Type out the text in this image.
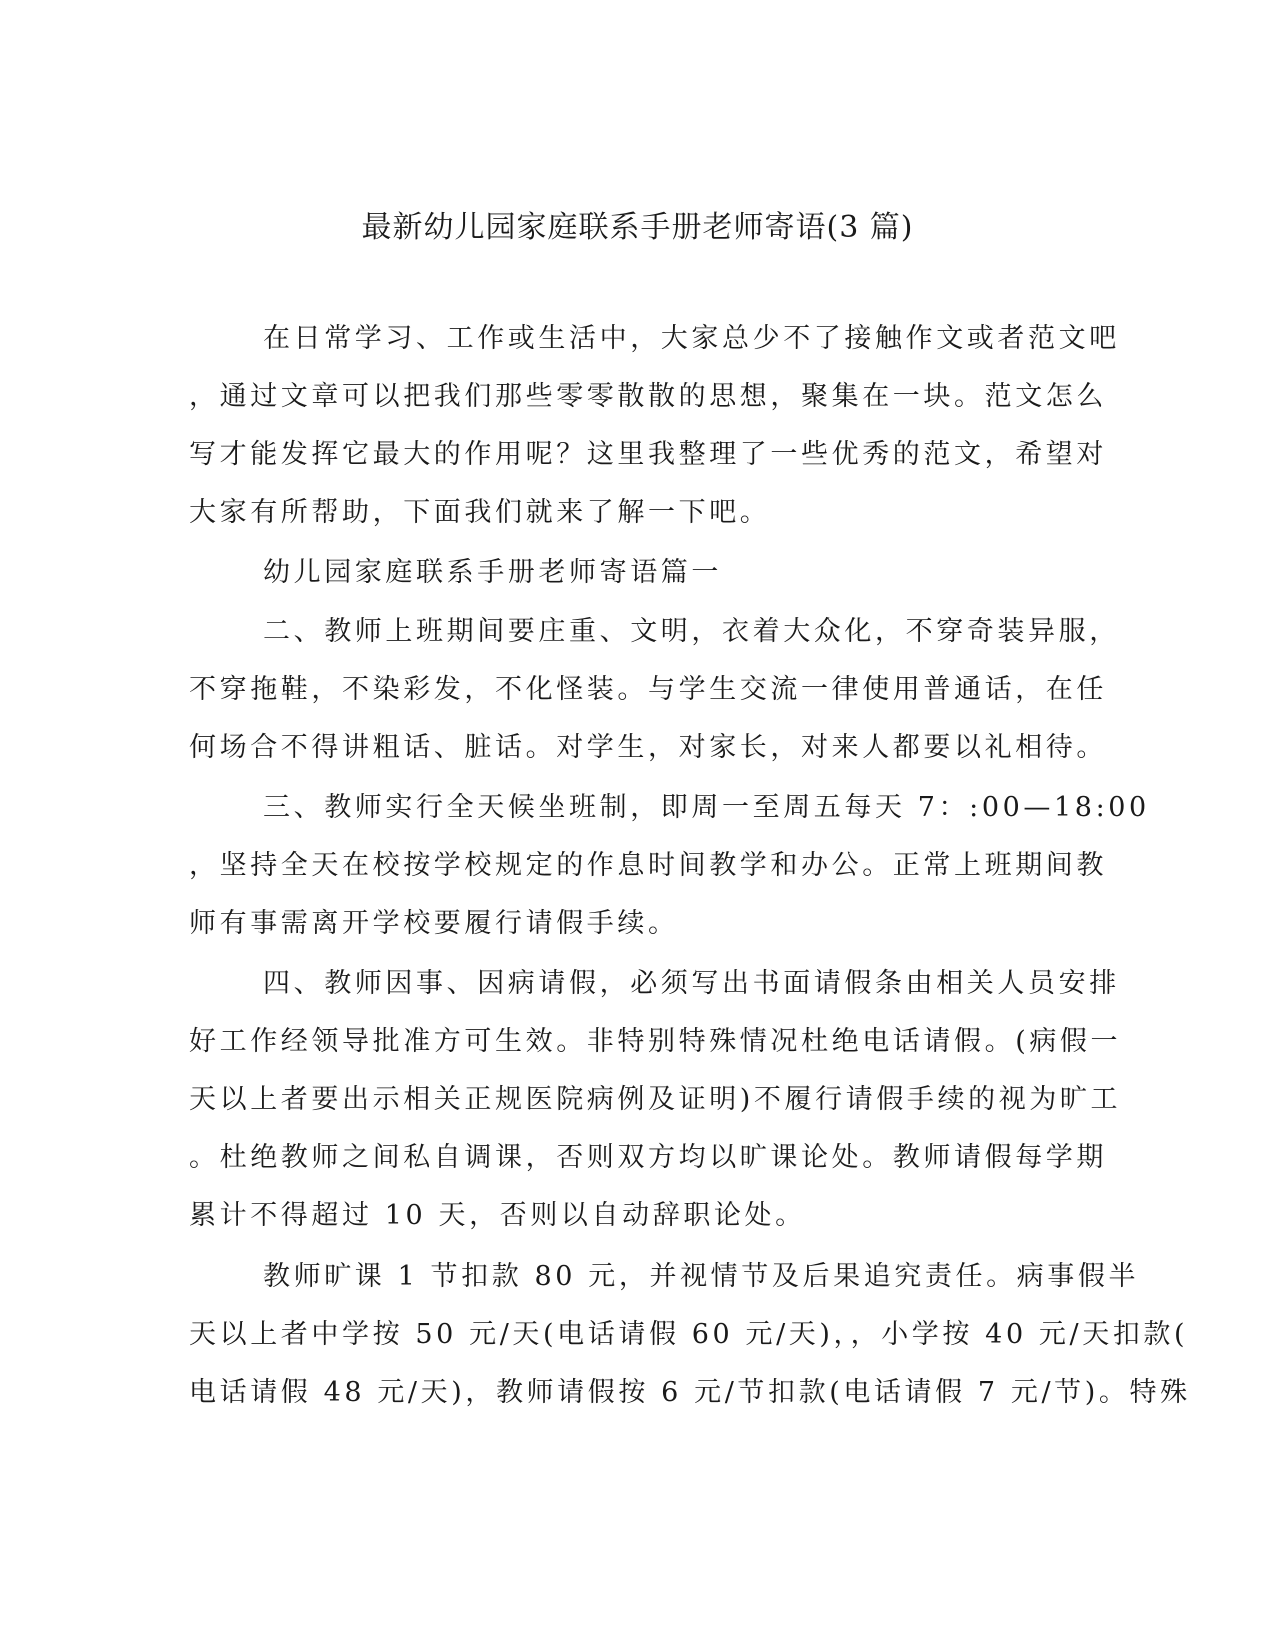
最新幼儿园家庭联系手册老师寄语(3 篇)

在日常学习、工作或生活中，大家总少不了接触作文或者范文吧

，通过文章可以把我们那些零零散散的思想，聚集在一块。范文怎么

写才能发挥它最大的作用呢？这里我整理了一些优秀的范文，希望对

大家有所帮助，下面我们就来了解一下吧。

幼儿园家庭联系手册老师寄语篇一

二、教师上班期间要庄重、文明，衣着大众化，不穿奇装异服，

不穿拖鞋，不染彩发，不化怪装。与学生交流一律使用普通话，在任

何场合不得讲粗话、脏话。对学生，对家长，对来人都要以礼相待。

三、教师实行全天候坐班制，即周一至周五每天 7：:00—18:00

，坚持全天在校按学校规定的作息时间教学和办公。正常上班期间教

师有事需离开学校要履行请假手续。

四、教师因事、因病请假，必须写出书面请假条由相关人员安排

好工作经领导批准方可生效。非特别特殊情况杜绝电话请假。(病假一

天以上者要出示相关正规医院病例及证明)不履行请假手续的视为旷工

。杜绝教师之间私自调课，否则双方均以旷课论处。教师请假每学期

累计不得超过 10 天，否则以自动辞职论处。

教师旷课 1 节扣款 80 元，并视情节及后果追究责任。病事假半

天以上者中学按 50 元/天(电话请假 60 元/天)，，小学按 40 元/天扣款(

电话请假 48 元/天)，教师请假按 6 元/节扣款(电话请假 7 元/节)。特殊
